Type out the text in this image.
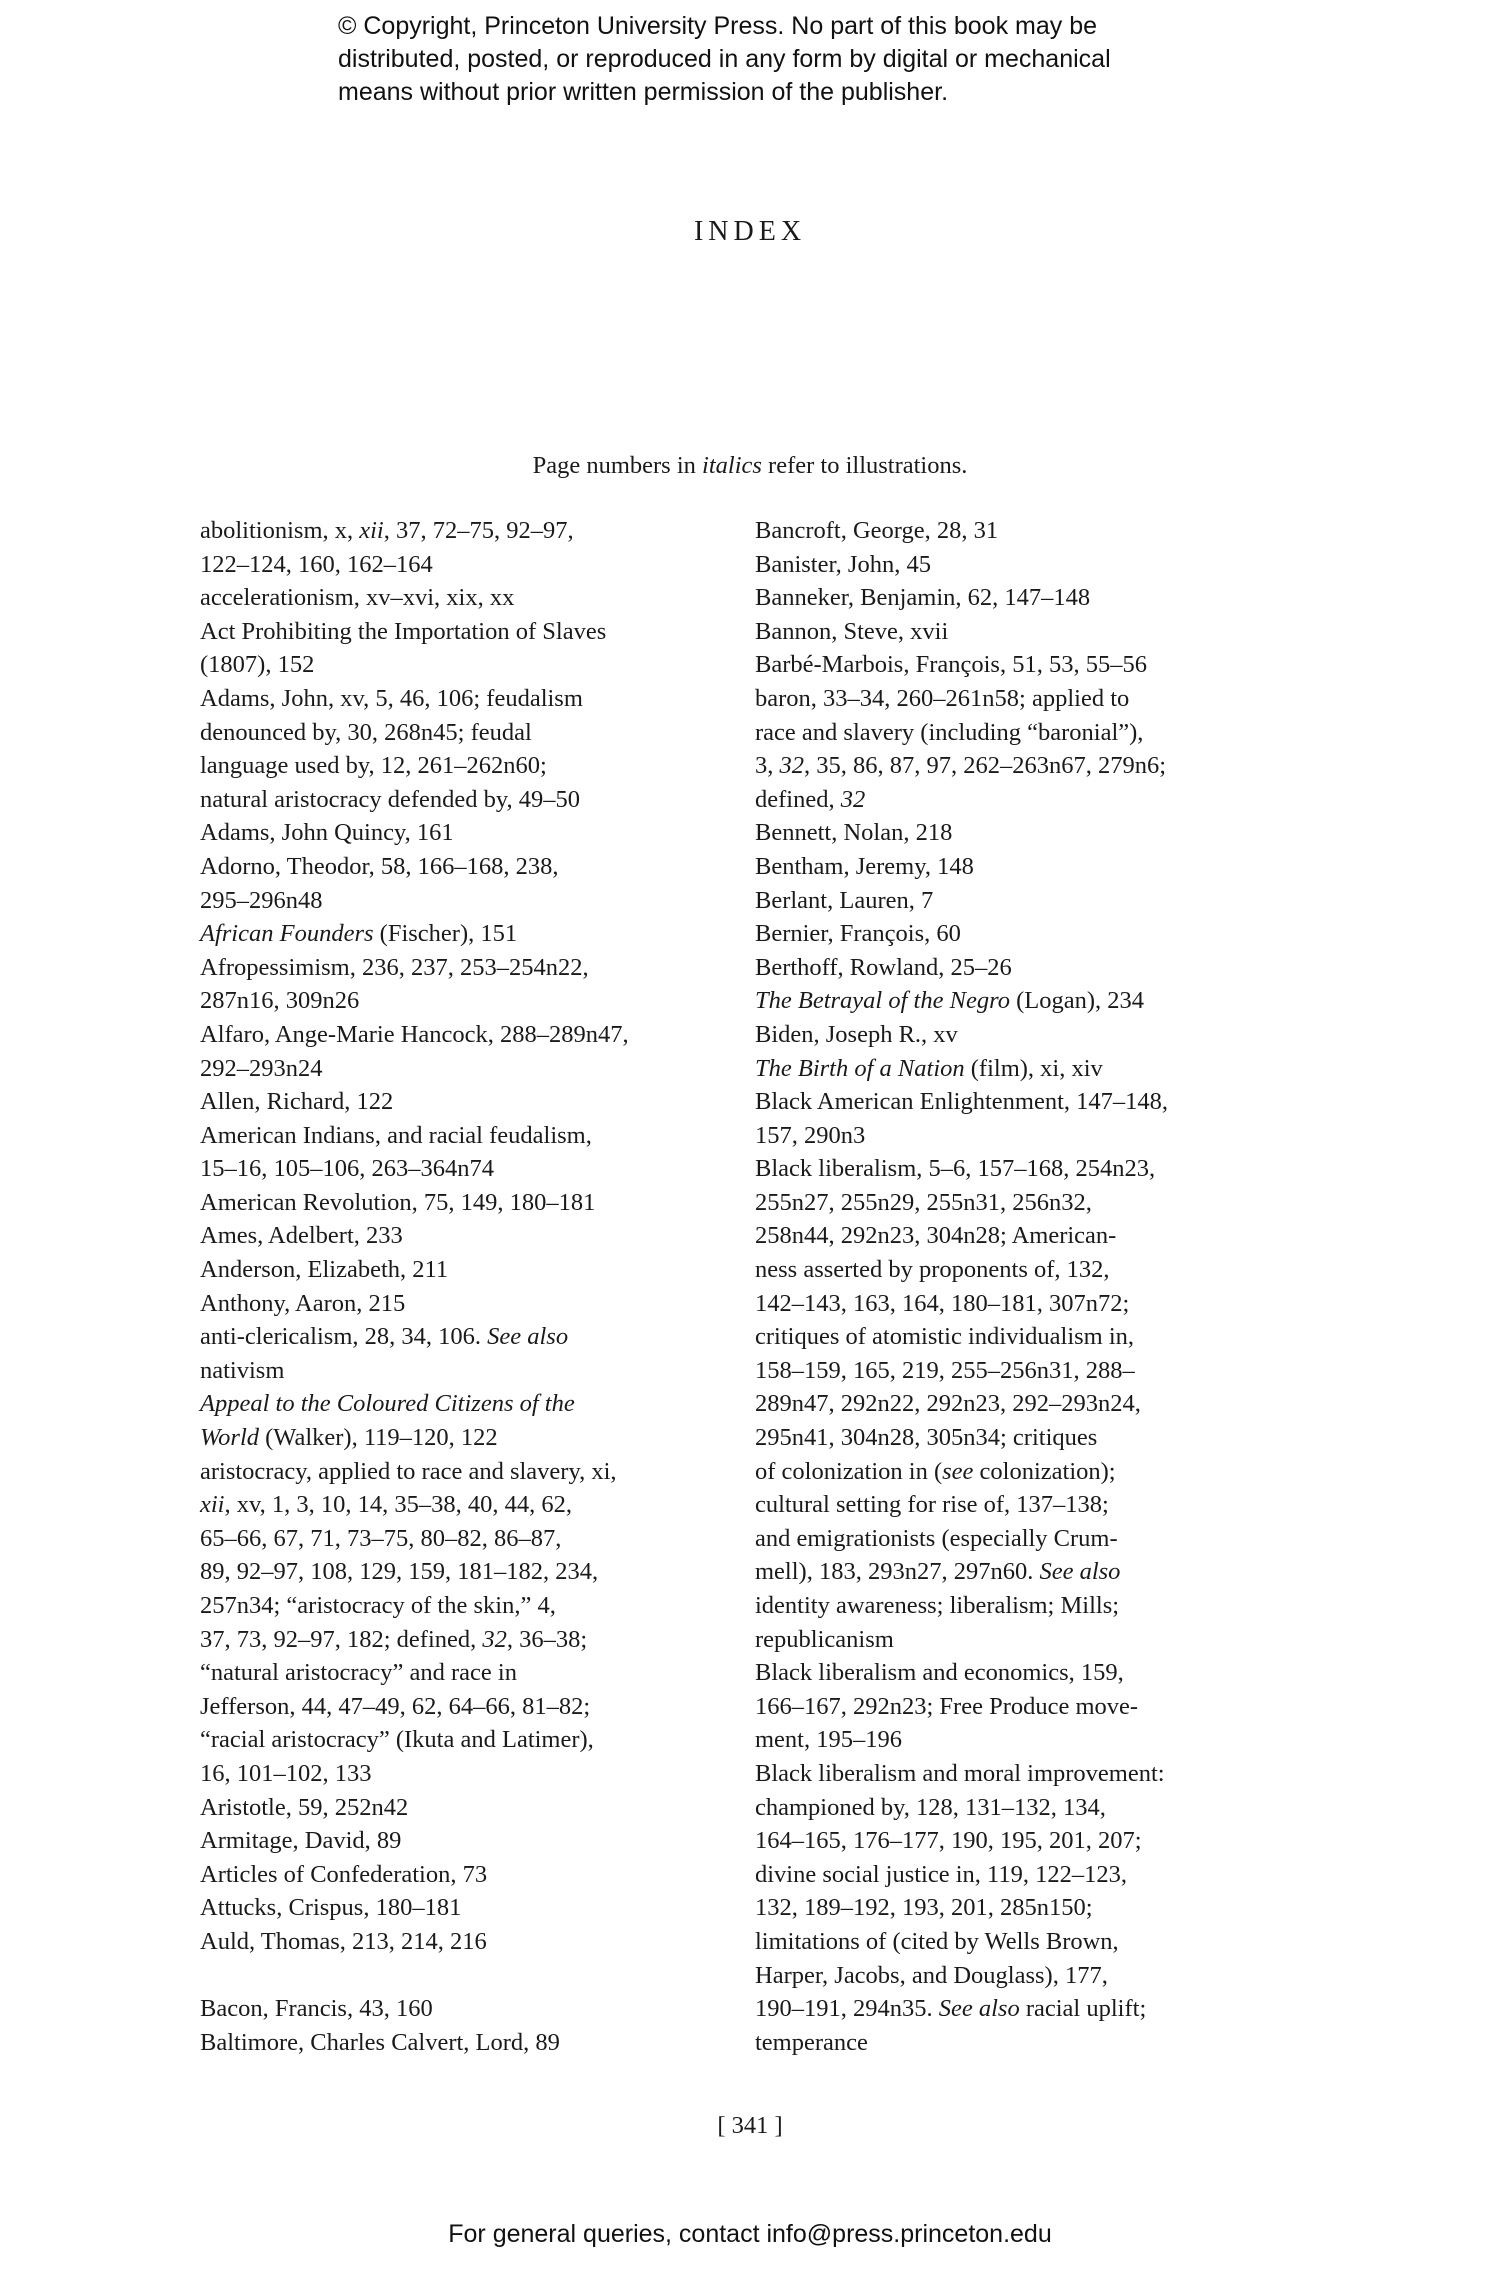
© Copyright, Princeton University Press. No part of this book may be
distributed, posted, or reproduced in any form by digital or mechanical
means without prior written permission of the publisher.
INDEX
Page numbers in italics refer to illustrations.
abolitionism, x, xii, 37, 72–75, 92–97,
122–124, 160, 162–164
accelerationism, xv–xvi, xix, xx
Act Prohibiting the Importation of Slaves
(1807), 152
Adams, John, xv, 5, 46, 106; feudalism
denounced by, 30, 268n45; feudal
language used by, 12, 261–262n60;
natural aristocracy defended by, 49–50
Adams, John Quincy, 161
Adorno, Theodor, 58, 166–168, 238,
295–296n48
African Founders (Fischer), 151
Afropessimism, 236, 237, 253–254n22,
287n16, 309n26
Alfaro, Ange-Marie Hancock, 288–289n47,
292–293n24
Allen, Richard, 122
American Indians, and racial feudalism,
15–16, 105–106, 263–364n74
American Revolution, 75, 149, 180–181
Ames, Adelbert, 233
Anderson, Elizabeth, 211
Anthony, Aaron, 215
anti-clericalism, 28, 34, 106. See also
nativism
Appeal to the Coloured Citizens of the
World (Walker), 119–120, 122
aristocracy, applied to race and slavery, xi,
xii, xv, 1, 3, 10, 14, 35–38, 40, 44, 62,
65–66, 67, 71, 73–75, 80–82, 86–87,
89, 92–97, 108, 129, 159, 181–182, 234,
257n34; “aristocracy of the skin,” 4,
37, 73, 92–97, 182; defined, 32, 36–38;
“natural aristocracy” and race in
Jefferson, 44, 47–49, 62, 64–66, 81–82;
“racial aristocracy” (Ikuta and Latimer),
16, 101–102, 133
Aristotle, 59, 252n42
Armitage, David, 89
Articles of Confederation, 73
Attucks, Crispus, 180–181
Auld, Thomas, 213, 214, 216
Bacon, Francis, 43, 160
Baltimore, Charles Calvert, Lord, 89
Bancroft, George, 28, 31
Banister, John, 45
Banneker, Benjamin, 62, 147–148
Bannon, Steve, xvii
Barbé-Marbois, François, 51, 53, 55–56
baron, 33–34, 260–261n58; applied to
race and slavery (including “baronial”),
3, 32, 35, 86, 87, 97, 262–263n67, 279n6;
defined, 32
Bennett, Nolan, 218
Bentham, Jeremy, 148
Berlant, Lauren, 7
Bernier, François, 60
Berthoff, Rowland, 25–26
The Betrayal of the Negro (Logan), 234
Biden, Joseph R., xv
The Birth of a Nation (film), xi, xiv
Black American Enlightenment, 147–148,
157, 290n3
Black liberalism, 5–6, 157–168, 254n23,
255n27, 255n29, 255n31, 256n32,
258n44, 292n23, 304n28; American-
ness asserted by proponents of, 132,
142–143, 163, 164, 180–181, 307n72;
critiques of atomistic individualism in,
158–159, 165, 219, 255–256n31, 288–
289n47, 292n22, 292n23, 292–293n24,
295n41, 304n28, 305n34; critiques
of colonization in (see colonization);
cultural setting for rise of, 137–138;
and emigrationists (especially Crum-
mell), 183, 293n27, 297n60. See also
identity awareness; liberalism; Mills;
republicanism
Black liberalism and economics, 159,
166–167, 292n23; Free Produce move-
ment, 195–196
Black liberalism and moral improvement:
championed by, 128, 131–132, 134,
164–165, 176–177, 190, 195, 201, 207;
divine social justice in, 119, 122–123,
132, 189–192, 193, 201, 285n150;
limitations of (cited by Wells Brown,
Harper, Jacobs, and Douglass), 177,
190–191, 294n35. See also racial uplift;
temperance
[ 341 ]
For general queries, contact info@press.princeton.edu
